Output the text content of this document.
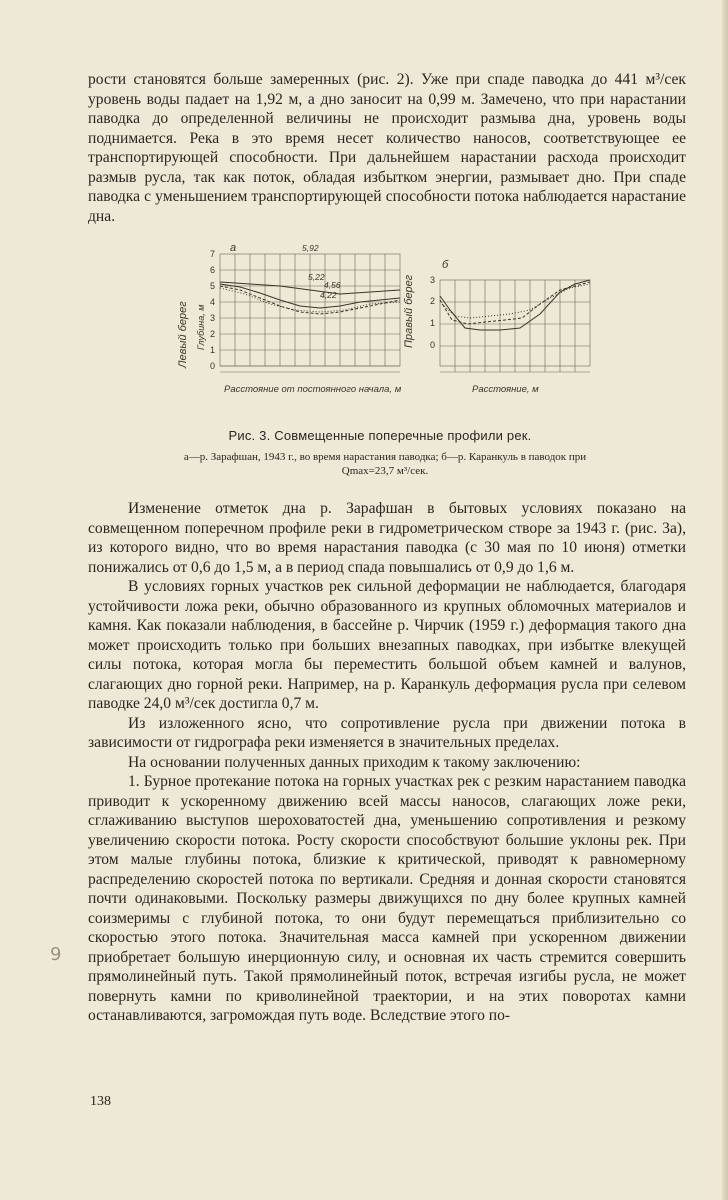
рости становятся больше замеренных (рис. 2). Уже при спаде паводка до 441 м³/сек уровень воды падает на 1,92 м, а дно заносит на 0,99 м. Замечено, что при нарастании паводка до определенной величины не происходит размыва дна, уровень воды поднимается. Река в это время несет количество наносов, соответствующее ее транспортирующей способности. При дальнейшем нарастании расхода происходит размыв русла, так как поток, обладая избытком энергии, размывает дно. При спаде паводка с уменьшением транспортирующей способности потока наблюдается нарастание дна.

а
Левый берег Глубина, м
0
1
2
3
4
5
6
7
5,92
5,22
4,56
4,22
Расстояние от постоянного начала, м
б
Правый берег 0
1
2
3
Расстояние, м
Рис. 3. Совмещенные поперечные профили рек.
а—р. Зарафшан, 1943 г., во время нарастания паводка; б—р. Каранкуль в паводок при Qmax=23,7 м³/сек.

Изменение отметок дна р. Зарафшан в бытовых условиях показано на совмещенном поперечном профиле реки в гидрометрическом створе за 1943 г. (рис. 3а), из которого видно, что во время нарастания паводка (с 30 мая по 10 июня) отметки понижались от 0,6 до 1,5 м, а в период спада повышались от 0,9 до 1,6 м.

В условиях горных участков рек сильной деформации не наблюдается, благодаря устойчивости ложа реки, обычно образованного из крупных обломочных материалов и камня. Как показали наблюдения, в бассейне р. Чирчик (1959 г.) деформация такого дна может происходить только при больших внезапных паводках, при избытке влекущей силы потока, которая могла бы переместить большой объем камней и валунов, слагающих дно горной реки. Например, на р. Каранкуль деформация русла при селевом паводке 24,0 м³/сек достигла 0,7 м.

Из изложенного ясно, что сопротивление русла при движении потока в зависимости от гидрографа реки изменяется в значительных пределах.

На основании полученных данных приходим к такому заключению:

1. Бурное протекание потока на горных участках рек с резким нарастанием паводка приводит к ускоренному движению всей массы наносов, слагающих ложе реки, сглаживанию выступов шероховатостей дна, уменьшению сопротивления и резкому увеличению скорости потока. Росту скорости способствуют большие уклоны рек. При этом малые глубины потока, близкие к критической, приводят к равномерному распределению скоростей потока по вертикали. Средняя и донная скорости становятся почти одинаковыми. Поскольку размеры движущихся по дну более крупных камней соизмеримы с глубиной потока, то они будут перемещаться приблизительно со скоростью этого потока. Значительная масса камней при ускоренном движении приобретает большую инерционную силу, и основная их часть стремится совершить прямолинейный путь. Такой прямолинейный поток, встречая изгибы русла, не может повернуть камни по криволинейной траектории, и на этих поворотах камни останавливаются, загромождая путь воде. Вследствие этого по-

9
138
